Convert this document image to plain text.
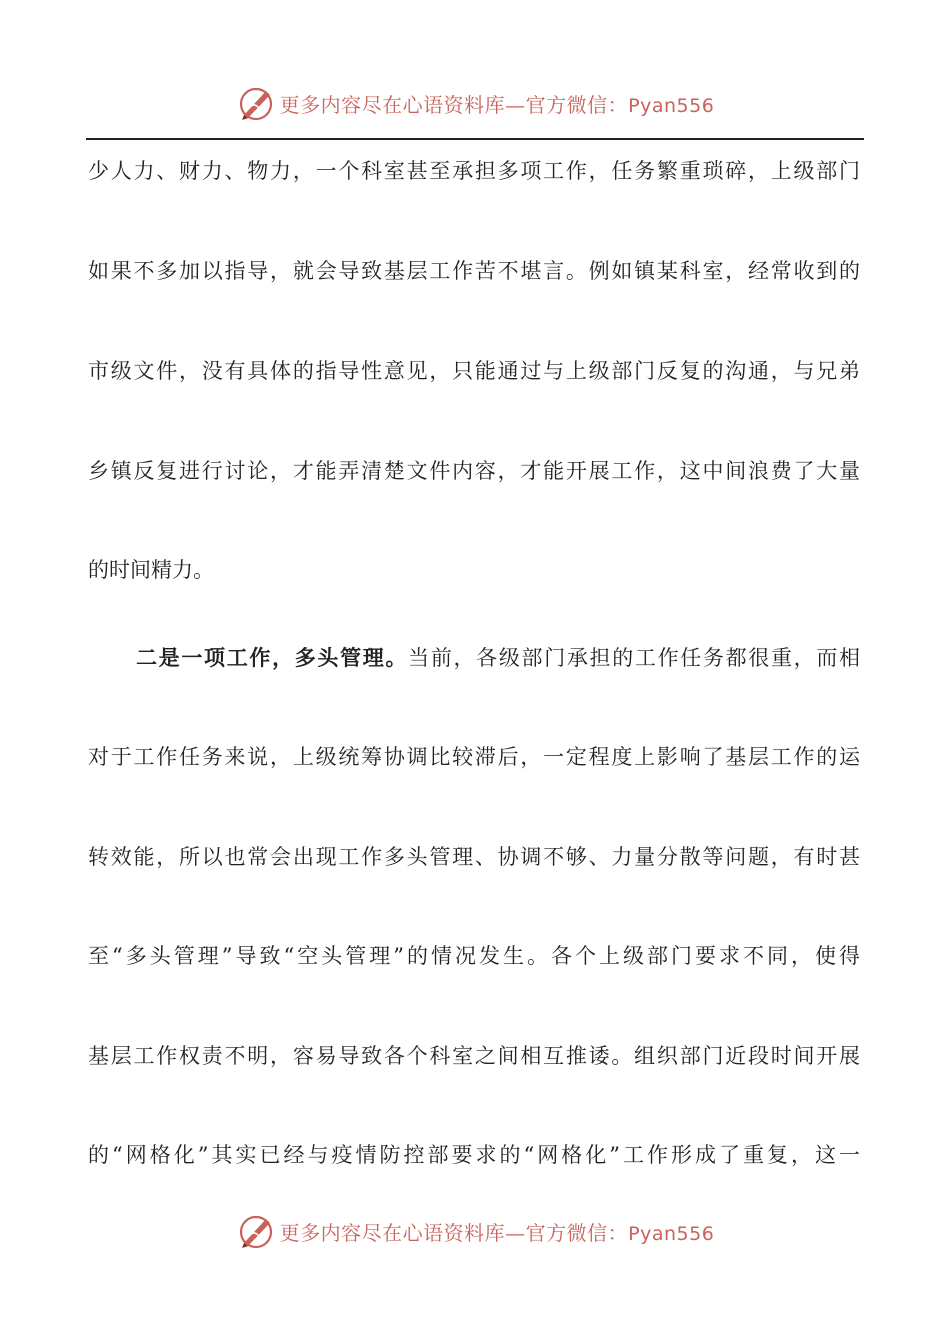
更多内容尽在心语资料库—官方微信：Pyan556
少人力、财力、物力，一个科室甚至承担多项工作，任务繁重琐碎，上级部门
如果不多加以指导，就会导致基层工作苦不堪言。例如镇某科室，经常收到的
市级文件，没有具体的指导性意见，只能通过与上级部门反复的沟通，与兄弟
乡镇反复进行讨论，才能弄清楚文件内容，才能开展工作，这中间浪费了大量
的时间精力。
二是一项工作，多头管理。当前，各级部门承担的工作任务都很重，而相
对于工作任务来说，上级统筹协调比较滞后，一定程度上影响了基层工作的运
转效能，所以也常会出现工作多头管理、协调不够、力量分散等问题，有时甚
至“多头管理”导致“空头管理”的情况发生。各个上级部门要求不同，使得
基层工作权责不明，容易导致各个科室之间相互推诿。组织部门近段时间开展
的“网格化”其实已经与疫情防控部要求的“网格化”工作形成了重复，这一
更多内容尽在心语资料库—官方微信：Pyan556
